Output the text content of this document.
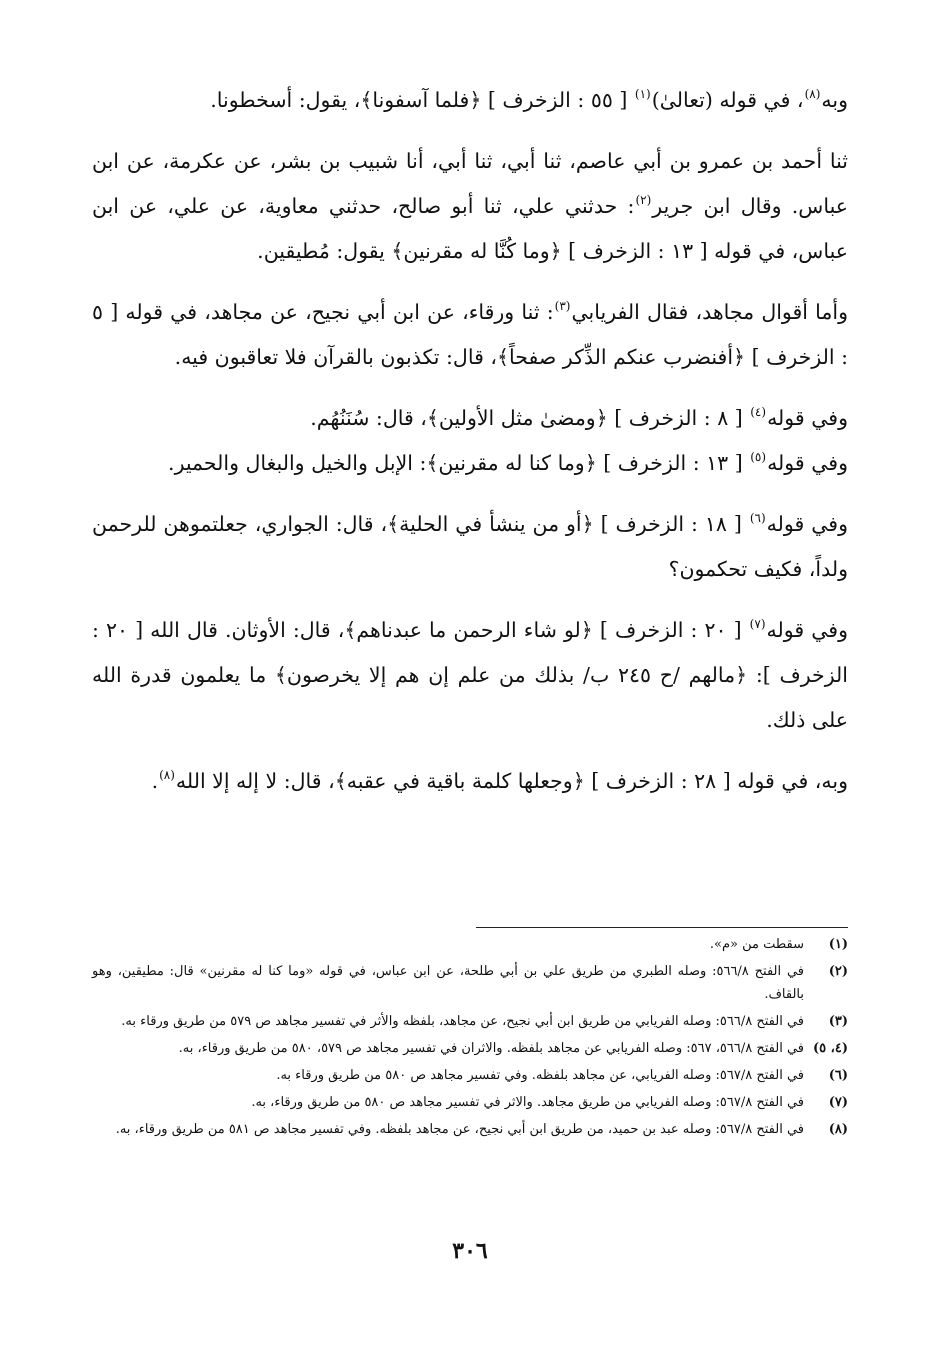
وبه$^{(٨)}$، في قوله (تعالىٰ)$^{(١)}$ [ ٥٥ : الزخرف ] ﴿فلما آسفونا﴾، يقول: أسخطونا.

ثنا أحمد بن عمرو بن أبي عاصم، ثنا أبي، ثنا أبي، أنا شبيب بن بشر، عن عكرمة، عن ابن عباس. وقال ابن جرير$^{(٢)}$: حدثني علي، ثنا أبو صالح، حدثني معاوية، عن علي، عن ابن عباس، في قوله [ ١٣ : الزخرف ] ﴿وما كُنَّا له مقرنين﴾ يقول: مُطيقين.

وأما أقوال مجاهد، فقال الفريابي$^{(٣)}$: ثنا ورقاء، عن ابن أبي نجيح، عن مجاهد، في قوله [ ٥ : الزخرف ] ﴿أفنضرب عنكم الذِّكر صفحاً﴾، قال: تكذبون بالقرآن فلا تعاقبون فيه.

وفي قوله$^{(٤)}$ [ ٨ : الزخرف ] ﴿ومضىٰ مثل الأولين﴾، قال: سُنَنُهُم.

وفي قوله$^{(٥)}$ [ ١٣ : الزخرف ] ﴿وما كنا له مقرنين﴾: الإبل والخيل والبغال والحمير.

وفي قوله$^{(٦)}$ [ ١٨ : الزخرف ] ﴿أو من ينشأ في الحلية﴾، قال: الجواري، جعلتموهن للرحمن ولداً، فكيف تحكمون؟

وفي قوله$^{(٧)}$ [ ٢٠ : الزخرف ] ﴿لو شاء الرحمن ما عبدناهم﴾، قال: الأوثان. قال الله [ ٢٠ : الزخرف ]: ﴿مالهم /ح ٢٤٥ ب/ بذلك من علم إن هم إلا يخرصون﴾ ما يعلمون قدرة الله على ذلك.

وبه، في قوله [ ٢٨ : الزخرف ] ﴿وجعلها كلمة باقية في عقبه﴾، قال: لا إله إلا الله$^{(٨)}$.

(١)
سقطت من «م».
(٢)
في الفتح ٥٦٦/٨: وصله الطبري من طريق علي بن أبي طلحة، عن ابن عباس، في قوله «وما كنا له مقرنين» قال: مطيقين، وهو بالقاف.
(٣)
في الفتح ٥٦٦/٨: وصله الفريابي من طريق ابن أبي نجيح، عن مجاهد، بلفظه والأثر في تفسير مجاهد ص ٥٧٩ من طريق ورقاء به.
(٤، ٥)
في الفتح ٥٦٦/٨، ٥٦٧: وصله الفريابي عن مجاهد بلفظه. والاثران في تفسير مجاهد ص ٥٧٩، ٥٨٠ من طريق ورقاء، به.
(٦)
في الفتح ٥٦٧/٨: وصله الفريابي، عن مجاهد بلفظه. وفي تفسير مجاهد ص ٥٨٠ من طريق ورقاء به.
(٧)
في الفتح ٥٦٧/٨: وصله الفريابي من طريق مجاهد. والاثر في تفسير مجاهد ص ٥٨٠ من طريق ورقاء، به.
(٨)
في الفتح ٥٦٧/٨: وصله عبد بن حميد، من طريق ابن أبي نجيح، عن مجاهد بلفظه. وفي تفسير مجاهد ص ٥٨١ من طريق ورقاء، به.
٣٠٦
